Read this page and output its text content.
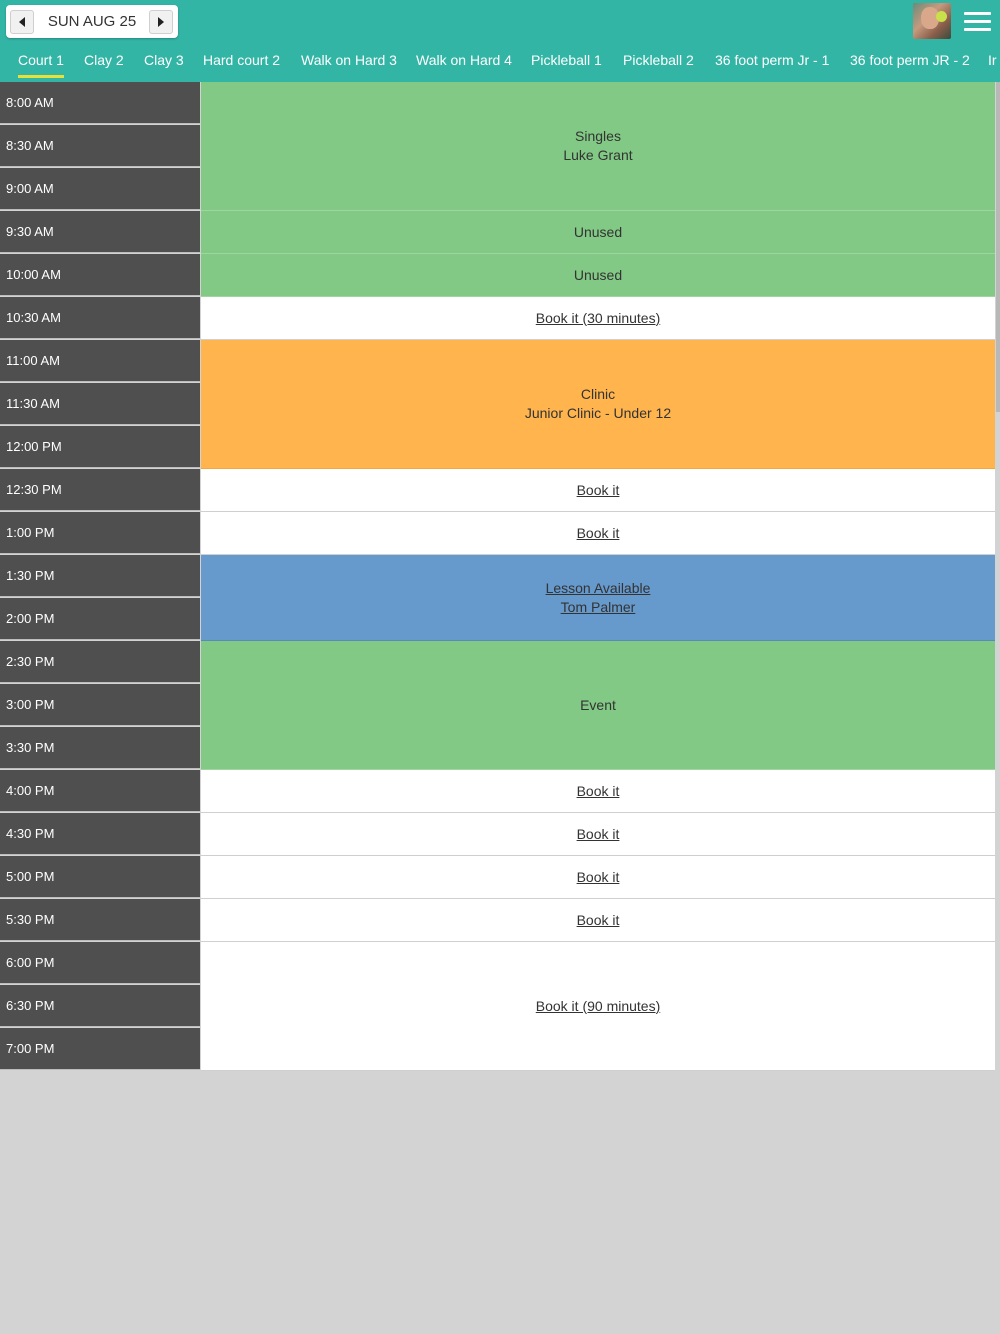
SUN AUG 25
Court 1 Clay 2 Clay 3 Hard court 2 Walk on Hard 3 Walk on Hard 4 Pickleball 1 Pickleball 2 36 foot perm Jr - 1 36 foot perm JR - 2 Ir
8:00 AM
8:30 AM
9:00 AM
9:30 AM
10:00 AM
10:30 AM
11:00 AM
11:30 AM
12:00 PM
12:30 PM
1:00 PM
1:30 PM
2:00 PM
2:30 PM
3:00 PM
3:30 PM
4:00 PM
4:30 PM
5:00 PM
5:30 PM
6:00 PM
6:30 PM
7:00 PM
Singles
Luke Grant
Unused
Unused
Book it (30 minutes)
Clinic
Junior Clinic - Under 12
Book it
Book it
Lesson Available
Tom Palmer
Event
Book it
Book it
Book it
Book it
Book it (90 minutes)
